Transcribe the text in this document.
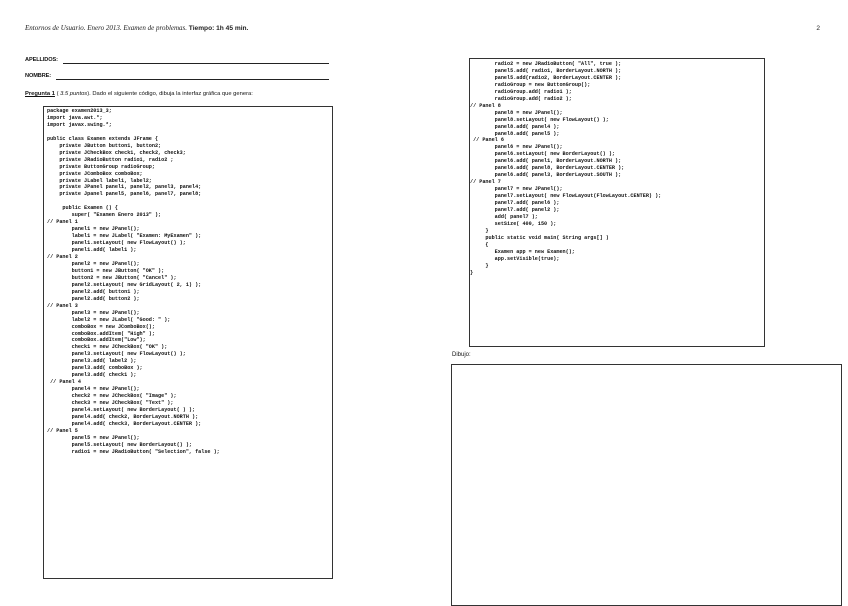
Entornos de Usuario. Enero 2013. Examen de problemas. Tiempo: 1h 45 min.	2
APELLIDOS:
NOMBRE:
Pregunta 1 ( 3.5 puntos). Dado el siguiente código, dibuja la interfaz gráfica que genera:
package examen2013_3;
import java.awt.*;
import javax.swing.*;

public class Examen extends JFrame {
private JButton button1, button2;
private JCheckBox check1, check2, check3;
private JRadioButton radio1, radio2 ;
private ButtonGroup radioGroup;
private JComboBox comboBox;
private JLabel label1, label2;
private JPanel panel1, panel2, panel3, panel4;
private Jpanel panel5, panel6, panel7, panel8;

public Examen () {
super( "Examen Enero 2013" );
// Panel 1
panel1 = new JPanel();
label1 = new JLabel( "Examen: MyExamen" );
panel1.setLayout( new FlowLayout() );
panel1.add( label1 );
// Panel 2
panel2 = new JPanel();
button1 = new JButton( "OK" );
button2 = new JButton( "Cancel" );
panel2.setLayout( new GridLayout( 2, 1) );
panel2.add( button1 );
panel2.add( button2 );
// Panel 3
panel3 = new JPanel();
label2 = new JLabel( "Good: " );
comboBox = new JComboBox();
comboBox.addItem( "High" );
comboBox.addItem("Low");
check1 = new JCheckBox( "OK" );
panel3.setLayout( new FlowLayout() );
panel3.add( label2 );
panel3.add( comboBox );
panel3.add( check1 );
// Panel 4
panel4 = new JPanel();
check2 = new JCheckBox( "Image" );
check3 = new JCheckBox( "Text" );
panel4.setLayout( new BorderLayout( ) );
panel4.add( check2, BorderLayout.NORTH );
panel4.add( check3, BorderLayout.CENTER );
// Panel 5
panel5 = new JPanel();
panel5.setLayout( new BorderLayout() );
radio1 = new JRadioButton( "Selection", false );
radio2 = new JRadioButton( "All", true );
panel5.add( radio1, BorderLayout.NORTH );
panel5.add(radio2, BorderLayout.CENTER );
radioGroup = new ButtonGroup();
radioGroup.add( radio1 );
radioGroup.add( radio2 );
// Panel 8
panel8 = new JPanel();
panel8.setLayout( new FlowLayout() );
panel8.add( panel4 );
panel8.add( panel5 );
// Panel 6
panel6 = new JPanel();
panel6.setLayout( new BorderLayout() );
panel6.add( panel1, BorderLayout.NORTH );
panel6.add( panel8, BorderLayout.CENTER );
panel6.add( panel3, BorderLayout.SOUTH );
// Panel 7
panel7 = new JPanel();
panel7.setLayout( new FlowLayout(FlowLayout.CENTER) );
panel7.add( panel6 );
panel7.add( panel2 );
add( panel7 );
setSize( 400, 150 );
}
public static void main( String args[] )
{
Examen app = new Examen();
app.setVisible(true);
}
}
Dibujo:
